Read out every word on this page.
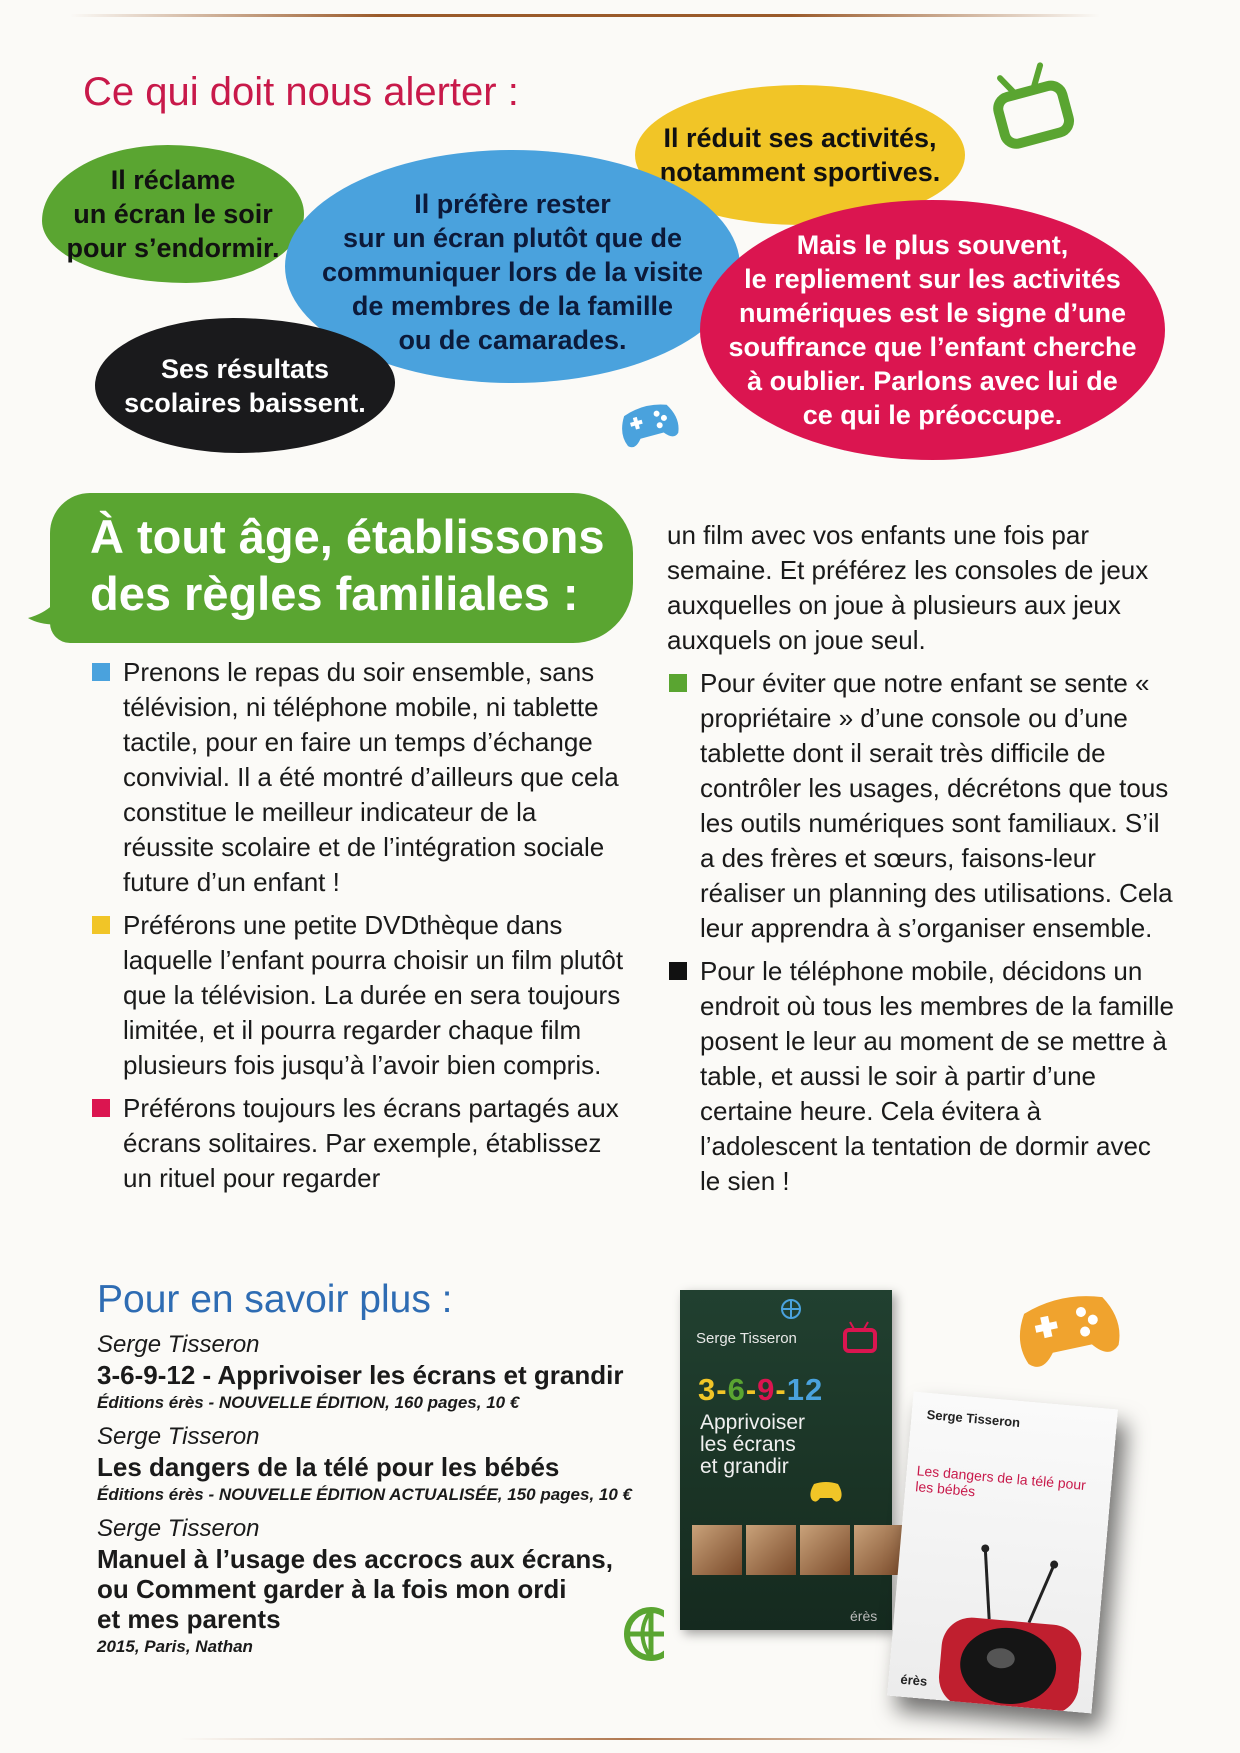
Ce qui doit nous alerter :
Il réclame
un écran le soir
pour s’endormir.
Il réduit ses activités,
notamment sportives.
Il préfère rester
sur un écran plutôt que de
communiquer lors de la visite
de membres de la famille
ou de camarades.
Ses résultats
scolaires baissent.
Mais le plus souvent,
le repliement sur les activités
numériques est le signe d’une
souffrance que l’enfant cherche
à oublier. Parlons avec lui de
ce qui le préoccupe.
À tout âge, établissons
des règles familiales :
Prenons le repas du soir ensemble, sans télévision, ni téléphone mobile, ni tablette tactile, pour en faire un temps d’échange convivial. Il a été montré d’ailleurs que cela constitue le meilleur indicateur de la réussite scolaire et de l’intégration sociale future d’un enfant !
Préférons une petite DVDthèque dans laquelle l’enfant pourra choisir un film plutôt que la télévision. La durée en sera toujours limitée, et il pourra regarder chaque film plusieurs fois jusqu’à l’avoir bien compris.
Préférons toujours les écrans partagés aux écrans solitaires. Par exemple, établissez un rituel pour regarder

un film avec vos enfants une fois par semaine. Et préférez les consoles de jeux auxquelles on joue à plusieurs aux jeux auxquels on joue seul.

Pour éviter que notre enfant se sente « propriétaire » d’une console ou d’une tablette dont il serait très difficile de contrôler les usages, décrétons que tous les outils numériques sont familiaux. S’il a des frères et sœurs, faisons-leur réaliser un planning des utilisations. Cela leur apprendra à s’organiser ensemble.
Pour le téléphone mobile, décidons un endroit où tous les membres de la famille posent le leur au moment de se mettre à table, et aussi le soir à partir d’une certaine heure. Cela évitera à l’adolescent la tentation de dormir avec le sien !
Pour en savoir plus :
Serge Tisseron
3-6-9-12 - Apprivoiser les écrans et grandir
Éditions érès - NOUVELLE ÉDITION, 160 pages, 10 €
Serge Tisseron
Les dangers de la télé pour les bébés
Éditions érès - NOUVELLE ÉDITION ACTUALISÉE, 150 pages, 10 €
Serge Tisseron
Manuel à l’usage des accrocs aux écrans,
ou Comment garder à la fois mon ordi
et mes parents
2015, Paris, Nathan
Serge Tisseron
3-6-9-12
Apprivoiser
les écrans
et grandir
érès
Serge Tisseron
Les dangers de la télé pour les bébés
érès
